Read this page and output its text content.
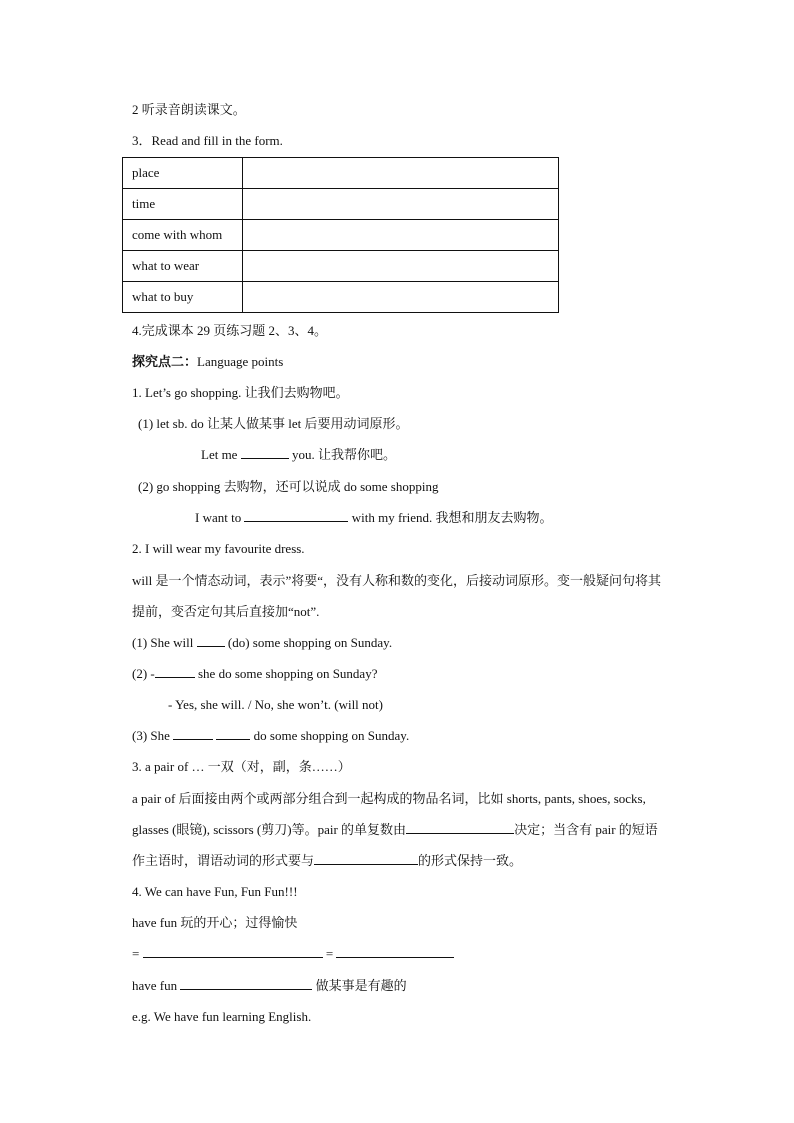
2 听录音朗读课文。
3．Read and fill in the form.
place	
time	
come with whom	
what to wear	
what to buy	
4.完成课本 29 页练习题 2、3、4。
探究点二：Language points
1. Let’s go shopping. 让我们去购物吧。
(1) let sb. do 让某人做某事 let 后要用动词原形。
Let me	you. 让我帮你吧。
(2) go shopping 去购物，还可以说成 do some shopping
I want to	with my friend. 我想和朋友去购物。
2. I will wear my favourite dress.
will 是一个情态动词，表示”将要“，没有人称和数的变化，后接动词原形。变一般疑问句将其提前，变否定句其后直接加“not”.
(1) She will  (do) some shopping on Sunday.
(2) -	she do some shopping on Sunday?
- Yes, she will. / No, she won’t. (will not)
(3) She	do some shopping on Sunday.
3. a pair of … 一双（对，副，条……）
a pair of 后面接由两个或两部分组合到一起构成的物品名词，比如 shorts, pants, shoes, socks, glasses (眼镜), scissors (剪刀)等。pair 的单复数由	决定；当含有 pair 的短语作主语时，谓语动词的形式要与	的形式保持一致。
4. We can have Fun, Fun Fun!!!
have fun 玩的开心；过得愉快
=	=
have fun	做某事是有趣的
e.g. We have fun learning English.
